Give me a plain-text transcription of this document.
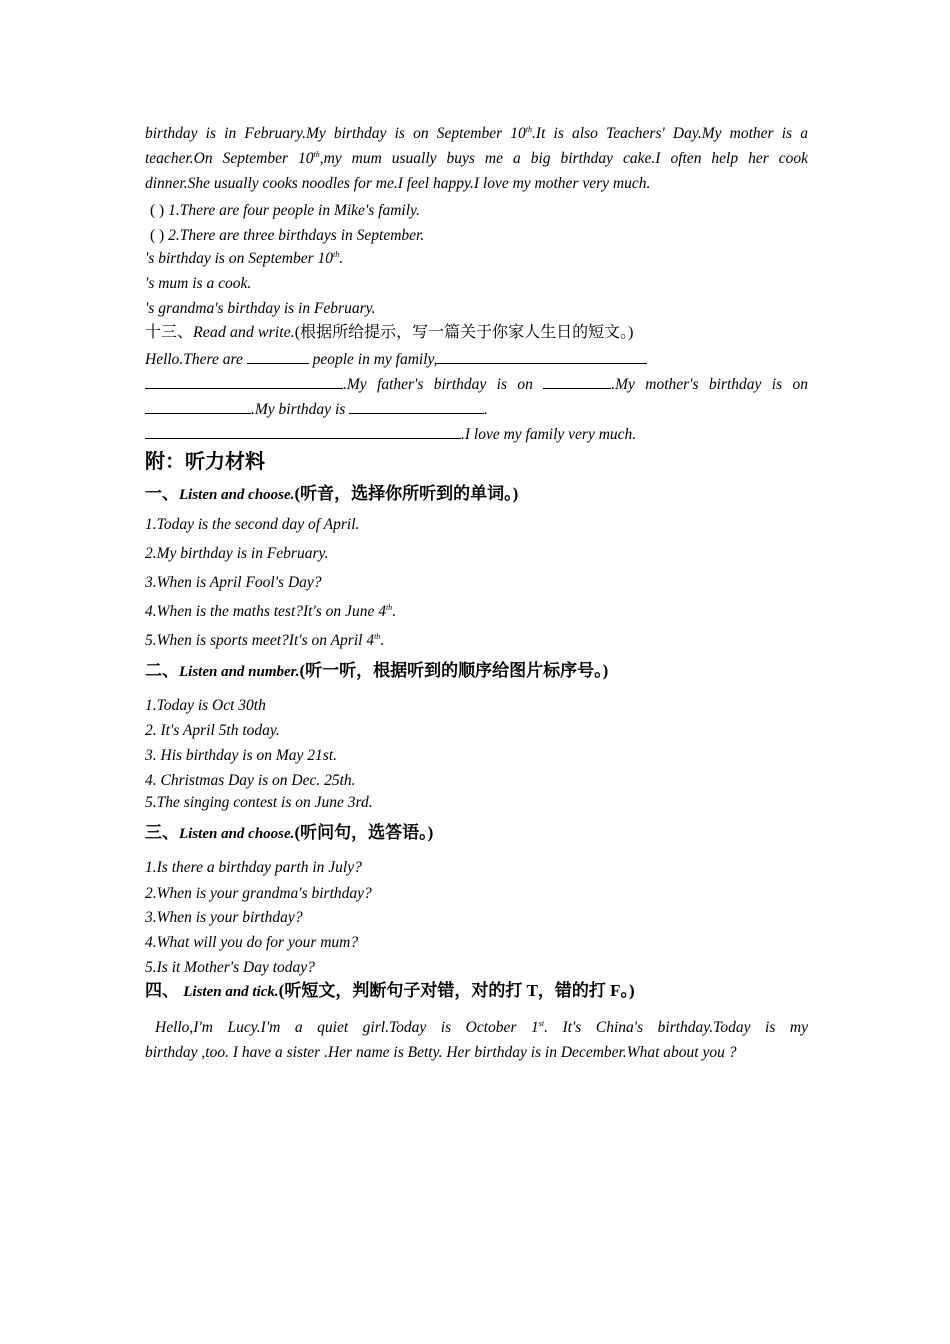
birthday is in February.My birthday is on September 10th.It is also Teachers' Day.My mother is a
teacher.On September 10th,my mum usually buys me a big birthday cake.I often help her cook
dinner.She usually cooks noodles for me.I feel happy.I love my mother very much.
( ) 1.There are four people in Mike's family.
( ) 2.There are three birthdays in September.
's birthday is on September 10th.
's mum is a cook.
's grandma's birthday is in February.
十三、Read and write.(根据所给提示，写一篇关于你家人生日的短文。)
Hello.There are	people in my family,
.My father's birthday is on	.My mother's birthday is on
.My birthday is	.
.I love my family very much.
附：听力材料
一、Listen and choose.(听音，选择你所听到的单词。)
1.Today is the second day of April.
2.My birthday is in February.
3.When is April Fool's Day?
4.When is the maths test?It's on June 4th.
5.When is sports meet?It's on April 4th.
二、Listen and number.(听一听，根据听到的顺序给图片标序号。)
1.Today is Oct 30th
2. It's April 5th today.
3. His birthday is on May 21st.
4. Christmas Day is on Dec. 25th.
5.The singing contest is on June 3rd.
三、Listen and choose.(听问句，选答语。)
1.Is there a birthday parth in July?
2.When is your grandma's birthday?
3.When is your birthday?
4.What will you do for your mum?
5.Is it Mother's Day today?
四、 Listen and tick.(听短文，判断句子对错，对的打 T，错的打 F。)
Hello,I'm Lucy.I'm a quiet girl.Today is October 1st. It's China's birthday.Today is my
birthday ,too. I have a sister .Her name is Betty. Her birthday is in December.What about you ?
